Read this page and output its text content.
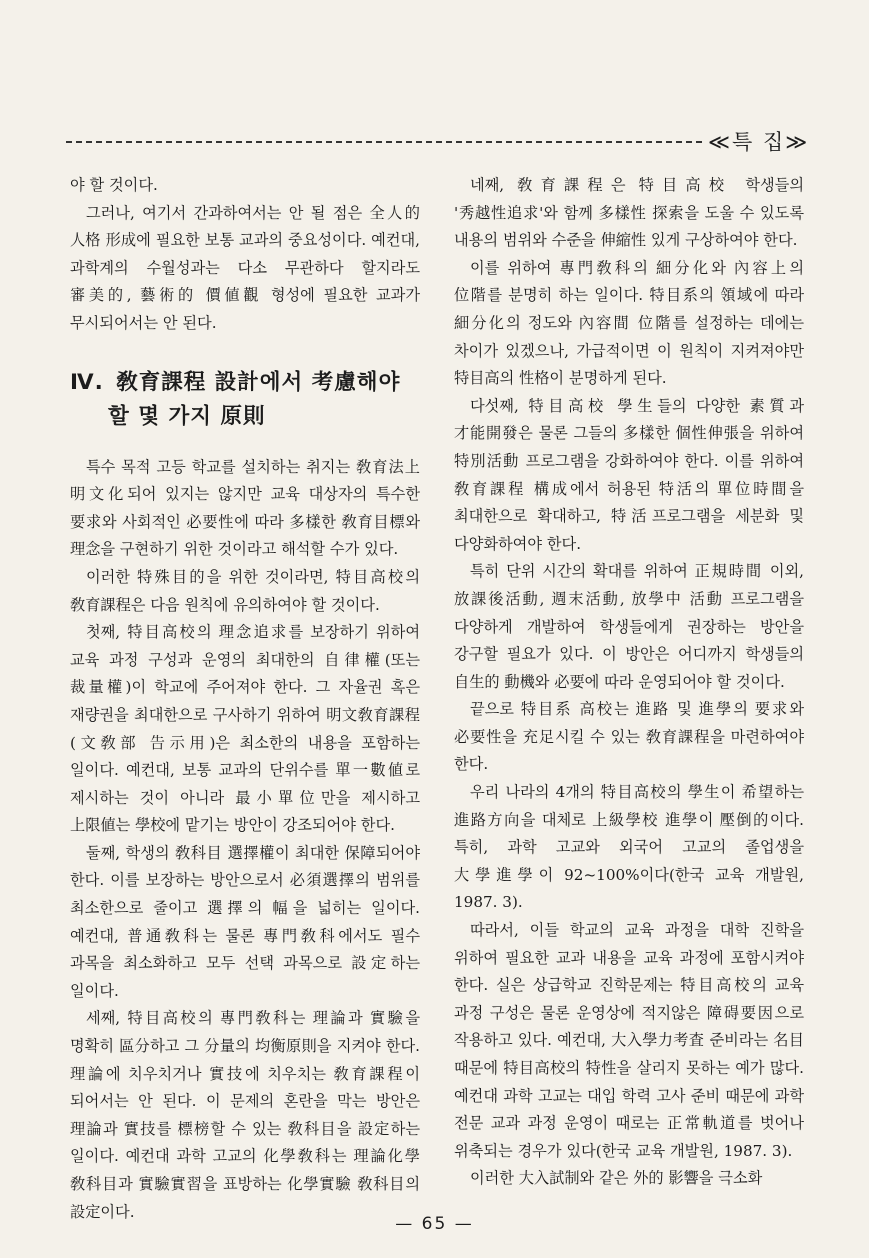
≪특 집≫

야 할 것이다.

그러나, 여기서 간과하여서는 안 될 점은 全人的 人格 形成에 필요한 보통 교과의 중요성이다. 예컨대, 과학계의 수월성과는 다소 무관하다 할지라도 審美的, 藝術的 價値觀 형성에 필요한 교과가 무시되어서는 안 된다.

Ⅳ. 敎育課程 設計에서 考慮해야
할 몇 가지 原則

특수 목적 고등 학교를 설치하는 취지는 敎育法上 明文化되어 있지는 않지만 교육 대상자의 특수한 要求와 사회적인 必要性에 따라 多樣한 敎育目標와 理念을 구현하기 위한 것이라고 해석할 수가 있다.

이러한 特殊目的을 위한 것이라면, 特目高校의 敎育課程은 다음 원칙에 유의하여야 할 것이다.

첫째, 特目高校의 理念追求를 보장하기 위하여 교육 과정 구성과 운영의 최대한의 自律權(또는 裁量權)이 학교에 주어져야 한다. 그 자율권 혹은 재량권을 최대한으로 구사하기 위하여 明文敎育課程(文敎部 告示用)은 최소한의 내용을 포함하는 일이다. 예컨대, 보통 교과의 단위수를 單一數値로 제시하는 것이 아니라 最小單位만을 제시하고 上限値는 學校에 맡기는 방안이 강조되어야 한다.

둘째, 학생의 敎科目 選擇權이 최대한 保障되어야 한다. 이를 보장하는 방안으로서 必須選擇의 범위를 최소한으로 줄이고 選擇의 幅을 넓히는 일이다. 예컨대, 普通敎科는 물론 專門敎科에서도 필수 과목을 최소화하고 모두 선택 과목으로 設定하는 일이다.

세째, 特目高校의 專門敎科는 理論과 實驗을 명확히 區分하고 그 分量의 均衡原則을 지켜야 한다. 理論에 치우치거나 實技에 치우치는 敎育課程이 되어서는 안 된다. 이 문제의 혼란을 막는 방안은 理論과 實技를 標榜할 수 있는 敎科目을 設定하는 일이다. 예컨대 과학 고교의 化學敎科는 理論化學 敎科目과 實驗實習을 표방하는 化學實驗 敎科目의 設定이다.

네째, 敎育課程은 特目高校 학생들의 '秀越性追求'와 함께 多樣性 探索을 도울 수 있도록 내용의 범위와 수준을 伸縮性 있게 구상하여야 한다.

이를 위하여 專門敎科의 細分化와 內容上의 位階를 분명히 하는 일이다. 特目系의 領域에 따라 細分化의 정도와 內容間 位階를 설정하는 데에는 차이가 있겠으나, 가급적이면 이 원칙이 지켜져야만 特目高의 性格이 분명하게 된다.

다섯째, 特目高校 學生들의 다양한 素質과 才能開發은 물론 그들의 多樣한 個性伸張을 위하여 特別活動 프로그램을 강화하여야 한다. 이를 위하여 敎育課程 構成에서 허용된 特活의 單位時間을 최대한으로 확대하고, 特活프로그램을 세분화 및 다양화하여야 한다.

특히 단위 시간의 확대를 위하여 正規時間 이외, 放課後活動, 週末活動, 放學中 活動 프로그램을 다양하게 개발하여 학생들에게 권장하는 방안을 강구할 필요가 있다. 이 방안은 어디까지 학생들의 自生的 動機와 必要에 따라 운영되어야 할 것이다.

끝으로 特目系 高校는 進路 및 進學의 要求와 必要性을 充足시킬 수 있는 敎育課程을 마련하여야 한다.

우리 나라의 4개의 特目高校의 學生이 希望하는 進路方向을 대체로 上級學校 進學이 壓倒的이다. 특히, 과학 고교와 외국어 고교의 졸업생을 大學進學이 92~100%이다(한국 교육 개발원, 1987. 3).

따라서, 이들 학교의 교육 과정을 대학 진학을 위하여 필요한 교과 내용을 교육 과정에 포함시켜야 한다. 실은 상급학교 진학문제는 特目高校의 교육 과정 구성은 물론 운영상에 적지않은 障碍要因으로 작용하고 있다. 예컨대, 大入學力考査 준비라는 名目 때문에 特目高校의 特性을 살리지 못하는 예가 많다. 예컨대 과학 고교는 대입 학력 고사 준비 때문에 과학 전문 교과 과정 운영이 때로는 正常軌道를 벗어나 위축되는 경우가 있다(한국 교육 개발원, 1987. 3).

이러한 大入試制와 같은 外的 影響을 극소화

— 65 —
